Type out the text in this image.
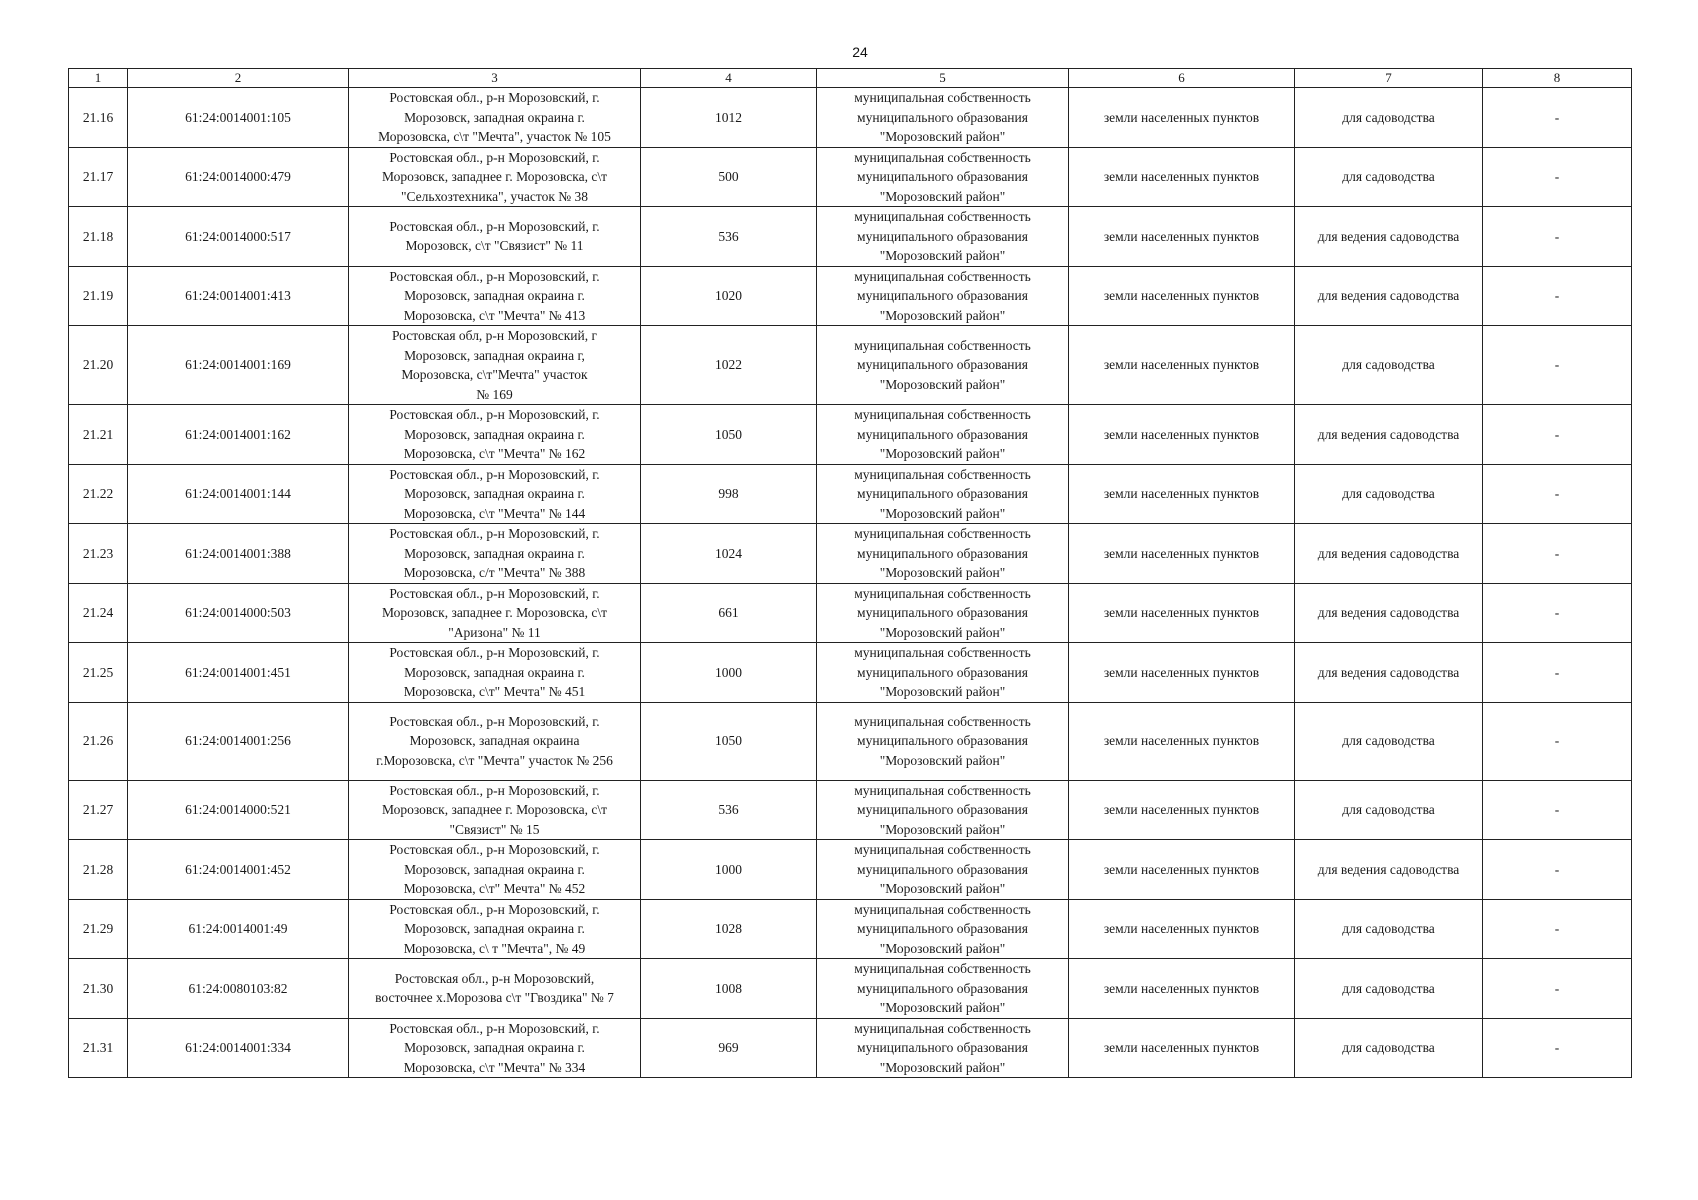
24
1	2	3	4	5	6	7	8
21.16	61:24:0014001:105	Ростовская обл., р-н Морозовский, г.
Морозовск, западная окраина г.
Морозовска, с\т "Мечта", участок № 105	1012	муниципальная собственность
муниципального образования
"Морозовский район"	земли населенных пунктов	для садоводства	-
21.17	61:24:0014000:479	Ростовская обл., р-н Морозовский, г.
Морозовск, западнее г. Морозовска, с\т
"Сельхозтехника", участок № 38	500	муниципальная собственность
муниципального образования
"Морозовский район"	земли населенных пунктов	для садоводства	-
21.18	61:24:0014000:517	Ростовская обл., р-н Морозовский, г.
Морозовск, с\т "Связист" № 11	536	муниципальная собственность
муниципального образования
"Морозовский район"	земли населенных пунктов	для ведения садоводства	-
21.19	61:24:0014001:413	Ростовская обл., р-н Морозовский, г.
Морозовск, западная окраина г.
Морозовска, с\т "Мечта" № 413	1020	муниципальная собственность
муниципального образования
"Морозовский район"	земли населенных пунктов	для ведения садоводства	-
21.20	61:24:0014001:169	Ростовская обл, р-н Морозовский, г
Морозовск, западная окраина г,
Морозовска, с\т"Мечта" участок
№ 169	1022	муниципальная собственность
муниципального образования
"Морозовский район"	земли населенных пунктов	для садоводства	-
21.21	61:24:0014001:162	Ростовская обл., р-н Морозовский, г.
Морозовск, западная окраина г.
Морозовска, с\т "Мечта" № 162	1050	муниципальная собственность
муниципального образования
"Морозовский район"	земли населенных пунктов	для ведения садоводства	-
21.22	61:24:0014001:144	Ростовская обл., р-н Морозовский, г.
Морозовск, западная окраина г.
Морозовска, с\т "Мечта" № 144	998	муниципальная собственность
муниципального образования
"Морозовский район"	земли населенных пунктов	для садоводства	-
21.23	61:24:0014001:388	Ростовская обл., р-н Морозовский, г.
Морозовск, западная окраина г.
Морозовска, с/т "Мечта" № 388	1024	муниципальная собственность
муниципального образования
"Морозовский район"	земли населенных пунктов	для ведения садоводства	-
21.24	61:24:0014000:503	Ростовская обл., р-н Морозовский, г.
Морозовск, западнее г. Морозовска, с\т
"Аризона" № 11	661	муниципальная собственность
муниципального образования
"Морозовский район"	земли населенных пунктов	для ведения садоводства	-
21.25	61:24:0014001:451	Ростовская обл., р-н Морозовский, г.
Морозовск, западная окраина г.
Морозовска, с\т" Мечта" № 451	1000	муниципальная собственность
муниципального образования
"Морозовский район"	земли населенных пунктов	для ведения садоводства	-
21.26	61:24:0014001:256	Ростовская обл., р-н Морозовский, г.
Морозовск, западная окраина
г.Морозовска, с\т "Мечта" участок № 256	1050	муниципальная собственность
муниципального образования
"Морозовский район"	земли населенных пунктов	для садоводства	-
21.27	61:24:0014000:521	Ростовская обл., р-н Морозовский, г.
Морозовск, западнее г. Морозовска, с\т
"Связист" № 15	536	муниципальная собственность
муниципального образования
"Морозовский район"	земли населенных пунктов	для садоводства	-
21.28	61:24:0014001:452	Ростовская обл., р-н Морозовский, г.
Морозовск, западная окраина г.
Морозовска, с\т" Мечта" № 452	1000	муниципальная собственность
муниципального образования
"Морозовский район"	земли населенных пунктов	для ведения садоводства	-
21.29	61:24:0014001:49	Ростовская обл., р-н Морозовский, г.
Морозовск, западная окраина г.
Морозовска, с\ т "Мечта", № 49	1028	муниципальная собственность
муниципального образования
"Морозовский район"	земли населенных пунктов	для садоводства	-
21.30	61:24:0080103:82	Ростовская обл., р-н Морозовский,
восточнее х.Морозова с\т "Гвоздика" № 7	1008	муниципальная собственность
муниципального образования
"Морозовский район"	земли населенных пунктов	для садоводства	-
21.31	61:24:0014001:334	Ростовская обл., р-н Морозовский, г.
Морозовск, западная окраина г.
Морозовска, с\т "Мечта" № 334	969	муниципальная собственность
муниципального образования
"Морозовский район"	земли населенных пунктов	для садоводства	-
